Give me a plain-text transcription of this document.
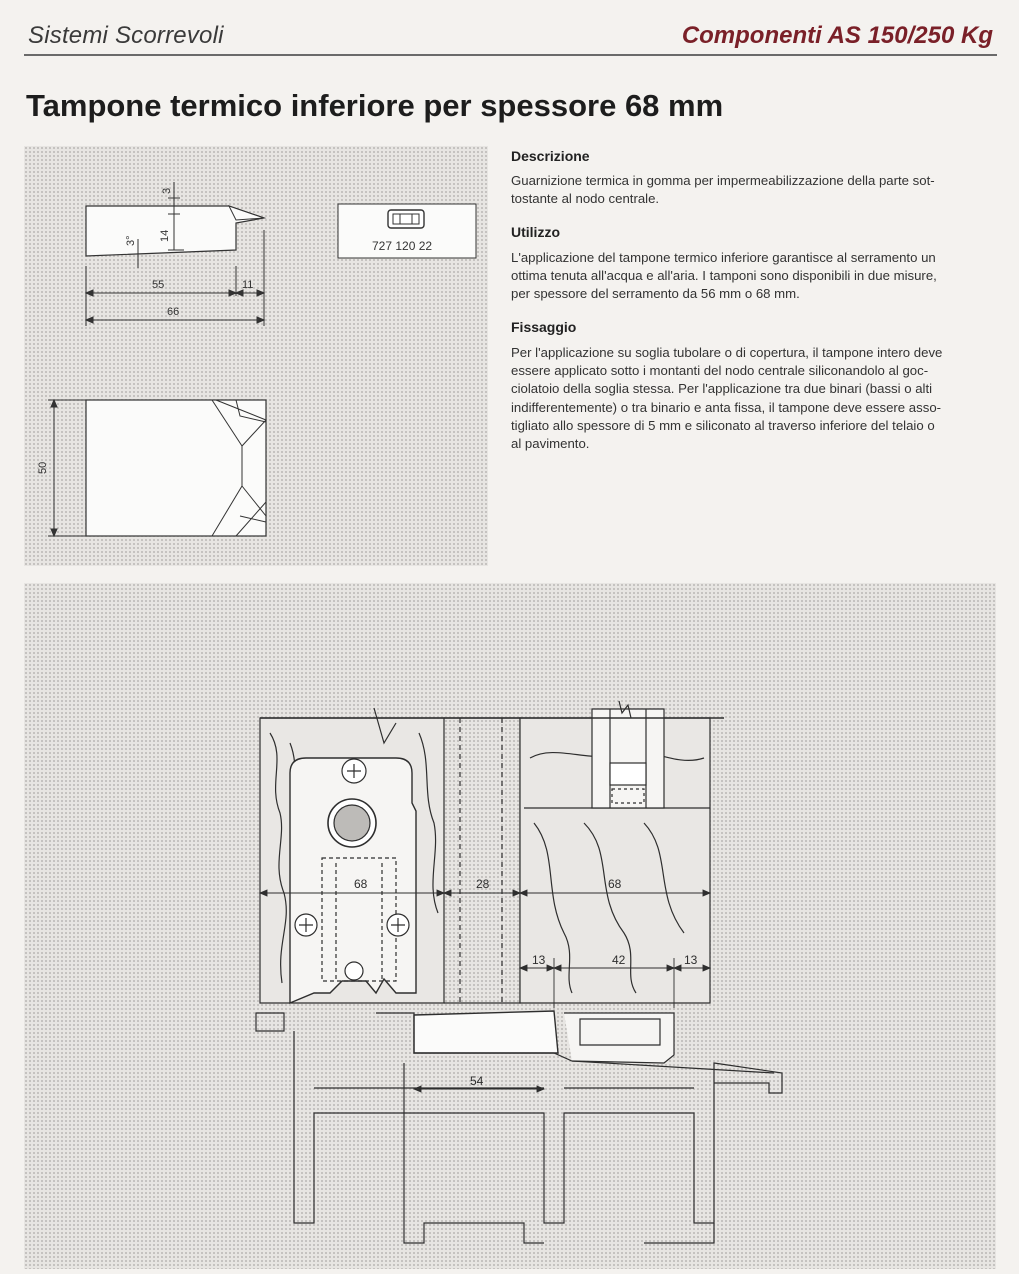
Sistemi Scorrevoli	Componenti AS 150/250 Kg
Tampone termico inferiore per spessore 68 mm
3
14
3°
55	11
66
50
727 120 22
Descrizione
Guarnizione termica in gomma per impermeabilizzazione della parte sot-
tostante al nodo centrale.
Utilizzo
L'applicazione del tampone termico inferiore garantisce al serramento un
ottima tenuta all'acqua e all'aria. I tamponi sono disponibili in due misure,
per spessore del serramento da 56 mm o 68 mm.
Fissaggio
Per l'applicazione su soglia tubolare o di copertura, il tampone intero deve
essere applicato sotto i montanti del nodo centrale siliconandolo al goc-
ciolatoio della soglia stessa. Per l'applicazione tra due binari (bassi o alti
indifferentemente) o tra binario e anta fissa, il tampone deve essere asso-
tigliato allo spessore di 5 mm e siliconato al traverso inferiore del telaio o
al pavimento.
68	28	68
13	42	13
54
